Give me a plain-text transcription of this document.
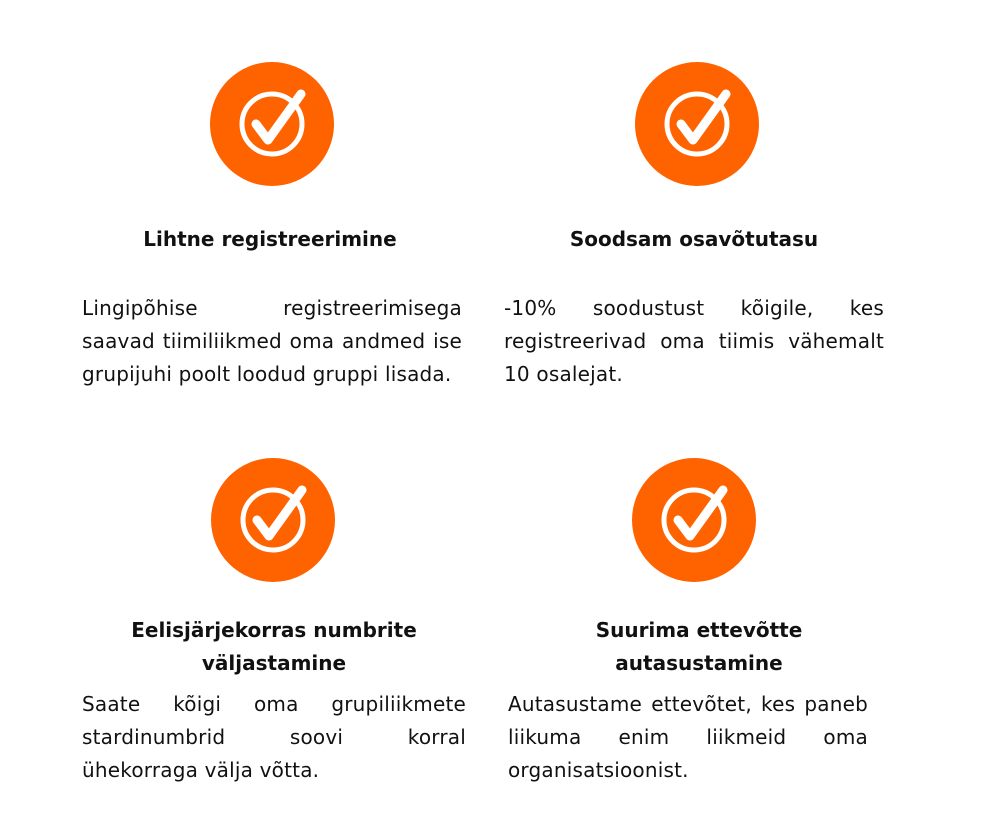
Lihtne registreerimine

Lingipõhise registreerimisega saavad tiimiliikmed oma andmed ise grupijuhi poolt loodud gruppi lisada.

Soodsam osavõtutasu

-10% soodustust kõigile, kes registreerivad oma tiimis vähemalt 10 osalejat.

Eelisjärjekorras numbrite väljastamine

Saate kõigi oma grupiliikmete stardinumbrid soovi korral ühekorraga välja võtta.

Suurima ettevõtte autasustamine

Autasustame ettevõtet, kes paneb liikuma enim liikmeid oma organisatsioonist.
